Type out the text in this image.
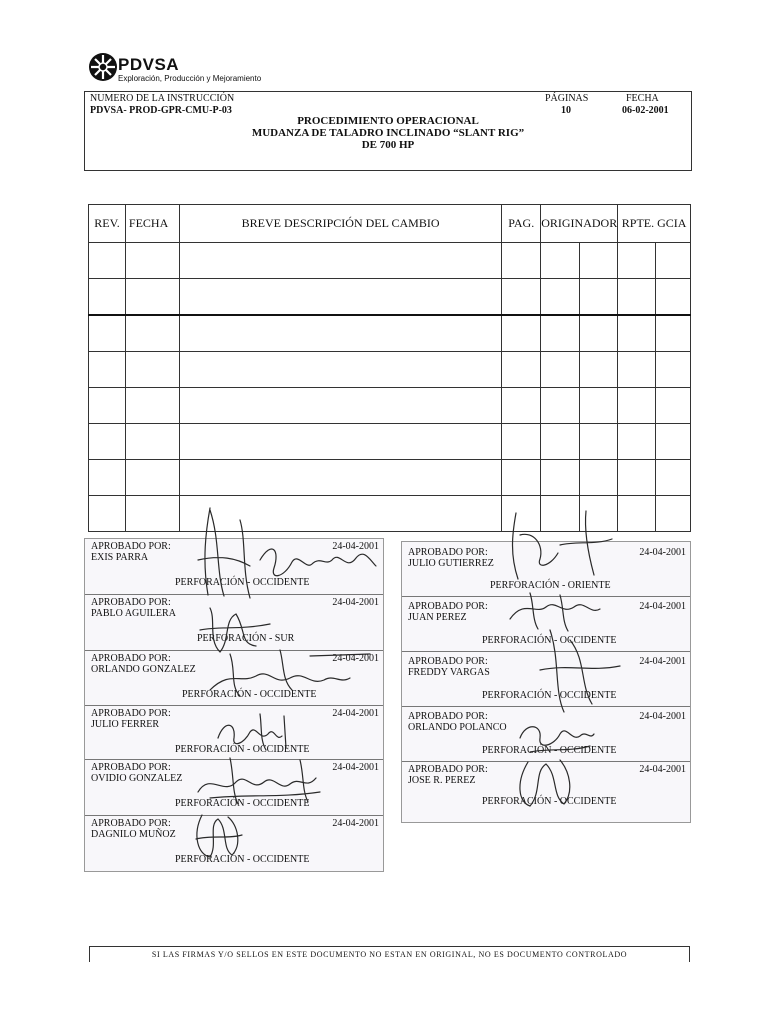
PDVSA
Exploración, Producción y Mejoramiento
NUMERO DE LA INSTRUCCIÓN
PDVSA- PROD-GPR-CMU-P-03
PÁGINAS
10
FECHA
06-02-2001
PROCEDIMIENTO OPERACIONAL
MUDANZA DE TALADRO INCLINADO “SLANT RIG”
DE 700 HP
REV.	FECHA	BREVE DESCRIPCIÓN DEL CAMBIO	PAG.	ORIGINADOR		RPTE. GCIA	

APROBADO POR:
EXIS PARRA
24-04-2001
PERFORACIÓN - OCCIDENTE
APROBADO POR:
PABLO AGUILERA
24-04-2001
PERFORACIÓN - SUR
APROBADO POR:
ORLANDO GONZALEZ
24-04-2001
PERFORACIÓN - OCCIDENTE
APROBADO POR:
JULIO FERRER
24-04-2001
PERFORACIÓN - OCCIDENTE
APROBADO POR:
OVIDIO GONZALEZ
24-04-2001
PERFORACIÓN - OCCIDENTE
APROBADO POR:
DAGNILO MUÑOZ
24-04-2001
PERFORACIÓN - OCCIDENTE
APROBADO POR:
JULIO GUTIERREZ
24-04-2001
PERFORACIÓN - ORIENTE
APROBADO POR:
JUAN PEREZ
24-04-2001
PERFORACIÓN - OCCIDENTE
APROBADO POR:
FREDDY VARGAS
24-04-2001
PERFORACIÓN - OCCIDENTE
APROBADO POR:
ORLANDO POLANCO
24-04-2001
PERFORACIÓN - OCCIDENTE
APROBADO POR:
JOSE R. PEREZ
24-04-2001
PERFORACIÓN - OCCIDENTE
SI LAS FIRMAS Y/O SELLOS EN ESTE DOCUMENTO NO ESTAN EN ORIGINAL, NO ES DOCUMENTO CONTROLADO
